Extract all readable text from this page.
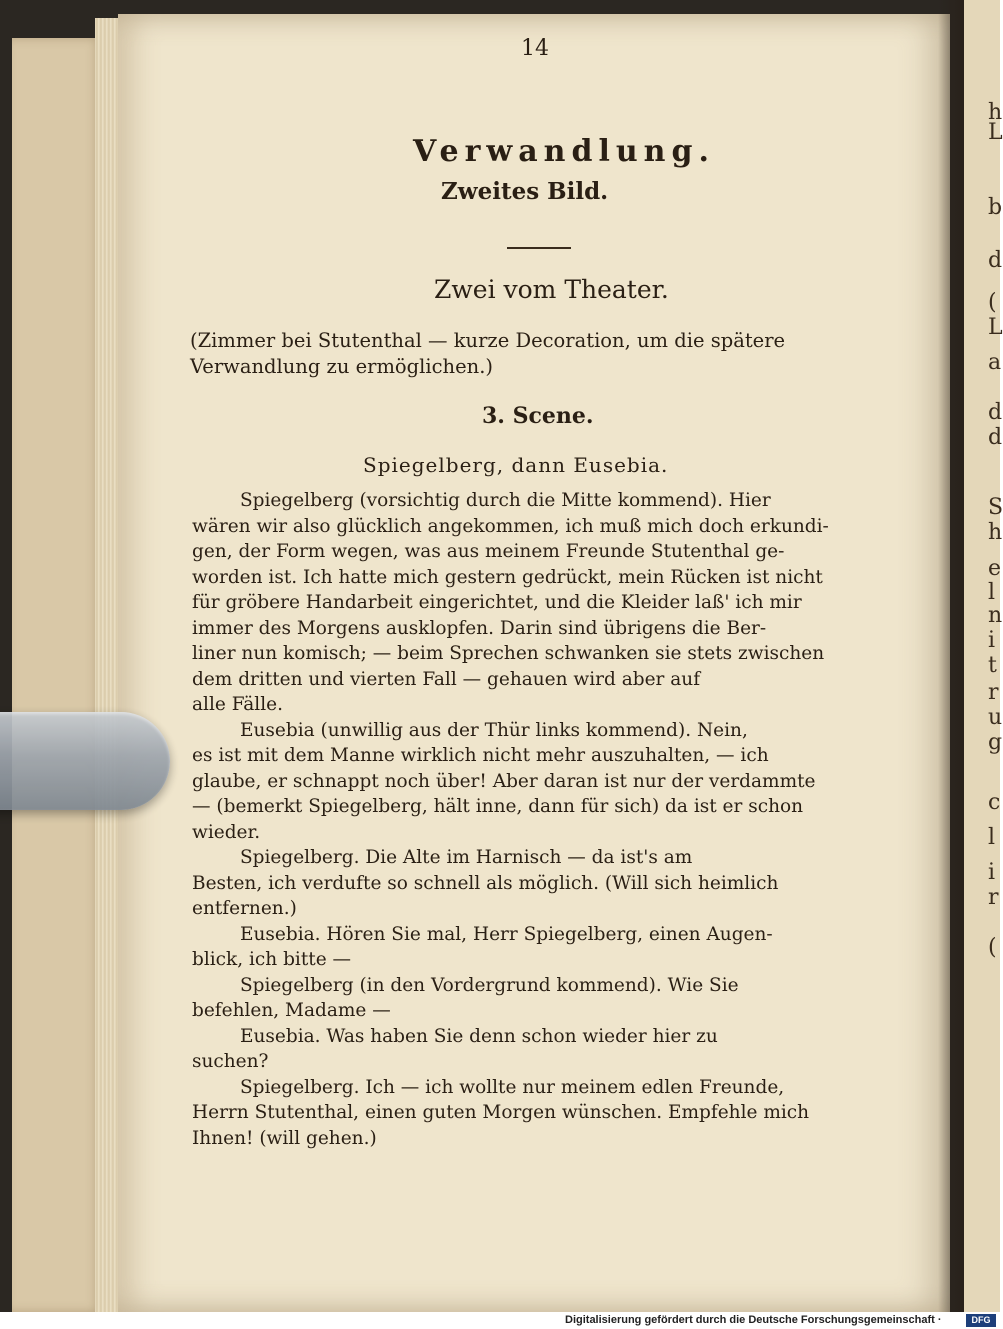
h
L
b
d
(
L
a
d
d
S
h
e
l
n
i
t
r
u
g
c
l
i
r
(
14
Verwandlung.
Zweites Bild.
Zwei vom Theater.
(Zimmer bei Stutenthal — kurze Decoration, um die spätere
Verwandlung zu ermöglichen.)
3. Scene.
Spiegelberg, dann Eusebia.
Spiegelberg (vorsichtig durch die Mitte kommend). Hier
wären wir also glücklich angekommen, ich muß mich doch erkundi-
gen, der Form wegen, was aus meinem Freunde Stutenthal ge-
worden ist. Ich hatte mich gestern gedrückt, mein Rücken ist nicht
für gröbere Handarbeit eingerichtet, und die Kleider laß' ich mir
immer des Morgens ausklopfen. Darin sind übrigens die Ber-
liner nun komisch; — beim Sprechen schwanken sie stets zwischen
dem dritten und vierten Fall — gehauen wird aber auf
alle Fälle.
Eusebia (unwillig aus der Thür links kommend). Nein,
es ist mit dem Manne wirklich nicht mehr auszuhalten, — ich
glaube, er schnappt noch über! Aber daran ist nur der verdammte
— (bemerkt Spiegelberg, hält inne, dann für sich) da ist er schon
wieder.
Spiegelberg. Die Alte im Harnisch — da ist's am
Besten, ich verdufte so schnell als möglich. (Will sich heimlich
entfernen.)
Eusebia. Hören Sie mal, Herr Spiegelberg, einen Augen-
blick, ich bitte —
Spiegelberg (in den Vordergrund kommend). Wie Sie
befehlen, Madame —
Eusebia. Was haben Sie denn schon wieder hier zu
suchen?
Spiegelberg. Ich — ich wollte nur meinem edlen Freunde,
Herrn Stutenthal, einen guten Morgen wünschen. Empfehle mich
Ihnen! (will gehen.)
Digitalisierung gefördert durch die Deutsche Forschungsgemeinschaft ·	DFG
